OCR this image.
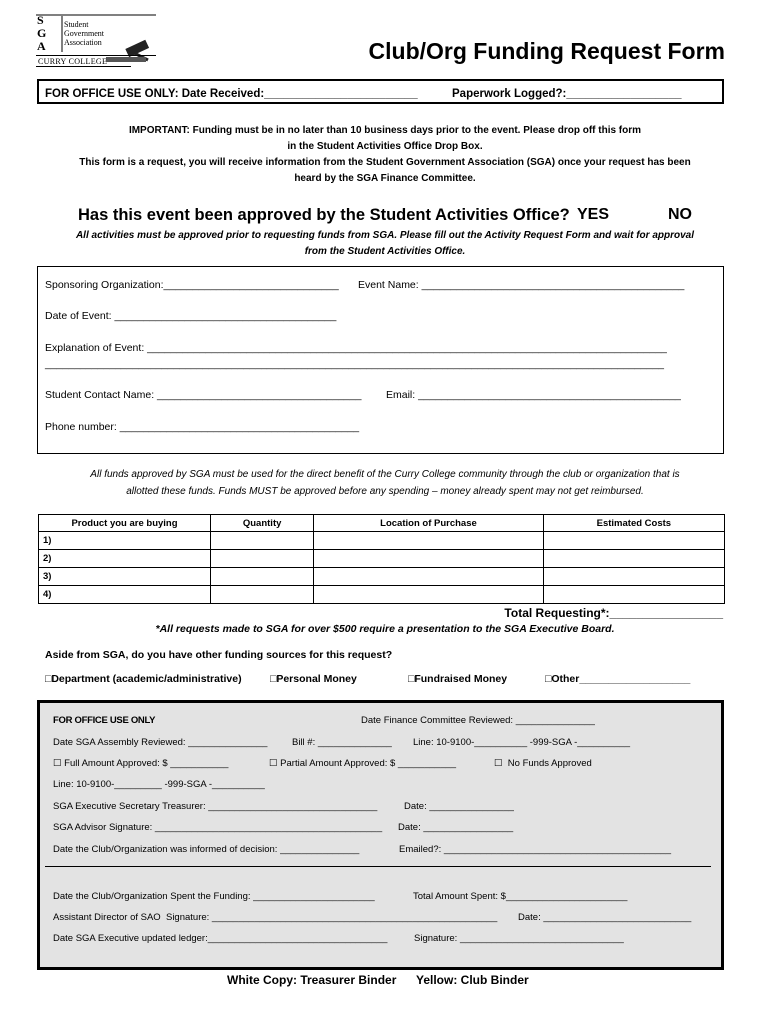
S
G
A
Student
Government
Association
CURRY COLLEGE	Club/Org Funding Request Form
FOR OFFICE USE ONLY: Date Received:________________________	Paperwork Logged?:__________________
IMPORTANT: Funding must be in no later than 10 business days prior to the event. Please drop off this form
in the Student Activities Office Drop Box.
This form is a request, you will receive information from the Student Government Association (SGA) once your request has been
heard by the SGA Finance Committee.
Has this event been approved by the Student Activities Office? YES	NO
All activities must be approved prior to requesting funds from SGA. Please fill out the Activity Request Form and wait for approval
from the Student Activities Office.
Sponsoring Organization:______________________________ Event Name: _____________________________________________
Date of Event: ______________________________________
Explanation of Event: _________________________________________________________________________________________
__________________________________________________________________________________________________________
Student Contact Name: ___________________________________ Email: _____________________________________________
Phone number: _________________________________________
All funds approved by SGA must be used for the direct benefit of the Curry College community through the club or organization that is
allotted these funds. Funds MUST be approved before any spending – money already spent may not get reimbursed.
Product you are buying	Quantity	Location of Purchase	Estimated Costs
1)			
2)			
3)			
4)			
Total Requesting*:_________________
*All requests made to SGA for over $500 require a presentation to the SGA Executive Board.
Aside from SGA, do you have other funding sources for this request?
□Department (academic/administrative)	□Personal Money	□Fundraised Money	□Other___________________
FOR OFFICE USE ONLY	Date Finance Committee Reviewed: _______________
Date SGA Assembly Reviewed: _______________	Bill #: ______________ Line: 10-9100-__________ -999-SGA -__________
☐ Full Amount Approved: $ ___________	☐ Partial Amount Approved: $ ___________	☐  No Funds Approved
Line: 10-9100-_________ -999-SGA -__________
SGA Executive Secretary Treasurer: ________________________________	Date: ________________
SGA Advisor Signature: ___________________________________________ Date: _________________
Date the Club/Organization was informed of decision: _______________	Emailed?: ___________________________________________
Date the Club/Organization Spent the Funding: _______________________	Total Amount Spent: $_______________________
Assistant Director of SAO  Signature: ______________________________________________________ Date: ____________________________
Date SGA Executive updated ledger:__________________________________	Signature: _______________________________
White Copy: Treasurer Binder Yellow: Club Binder
